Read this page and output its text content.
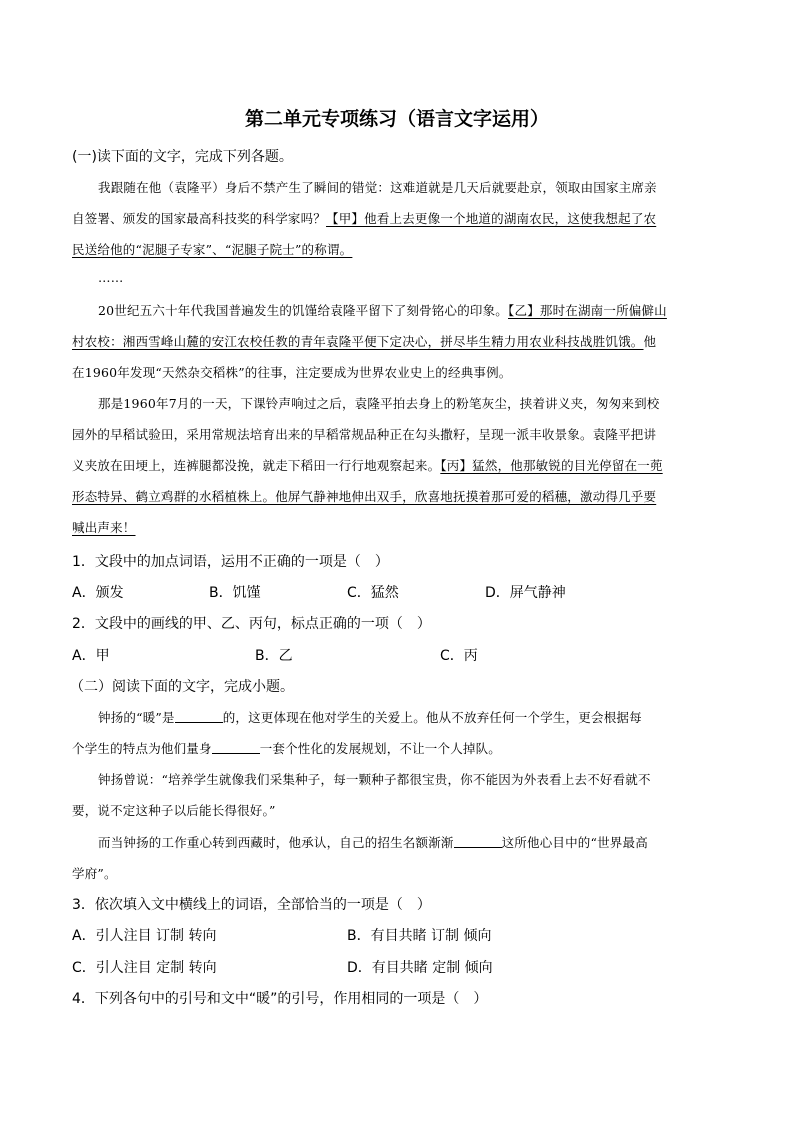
第二单元专项练习（语言文字运用）
(一)读下面的文字，完成下列各题。
我跟随在他（袁隆平）身后不禁产生了瞬间的错觉：这难道就是几天后就要赴京，领取由国家主席亲
自签署、颁发的国家最高科技奖的科学家吗？【甲】他看上去更像一个地道的湖南农民，这使我想起了农
民送给他的“泥腿子专家”、“泥腿子院士”的称谓。
……
20世纪五六十年代我国普遍发生的饥馑给袁隆平留下了刻骨铭心的印象。【乙】那时在湖南一所偏僻山
村农校：湘西雪峰山麓的安江农校任教的青年袁隆平便下定决心，拼尽毕生精力用农业科技战胜饥饿。他
在1960年发现“天然杂交稻株”的往事，注定要成为世界农业史上的经典事例。
那是1960年7月的一天，下课铃声响过之后，袁隆平拍去身上的粉笔灰尘，挟着讲义夹，匆匆来到校
园外的早稻试验田，采用常规法培育出来的早稻常规品种正在勾头撒籽，呈现一派丰收景象。袁隆平把讲
义夹放在田埂上，连裤腿都没挽，就走下稻田一行行地观察起来。【丙】猛然，他那敏锐的目光停留在一蔸
形态特异、鹤立鸡群的水稻植株上。他屏气静神地伸出双手，欣喜地抚摸着那可爱的稻穗，激动得几乎要
喊出声来！
1．文段中的加点词语，运用不正确的一项是（　）
A．颁发	B．饥馑	C．猛然	D．屏气静神
2．文段中的画线的甲、乙、丙句，标点正确的一项（　）
A．甲	B．乙	C．丙
（二）阅读下面的文字，完成小题。
钟扬的“暖”是	的，这更体现在他对学生的关爱上。他从不放弃任何一个学生，更会根据每
个学生的特点为他们量身	一套个性化的发展规划，不让一个人掉队。
钟扬曾说：“培养学生就像我们采集种子，每一颗种子都很宝贵，你不能因为外表看上去不好看就不
要，说不定这种子以后能长得很好。”
而当钟扬的工作重心转到西藏时，他承认，自己的招生名额渐渐	这所他心目中的“世界最高
学府”。
3．依次填入文中横线上的词语，全部恰当的一项是（　）
A．引人注目 订制 转向	B．有目共睹 订制 倾向
C．引人注目 定制 转向	D．有目共睹 定制 倾向
4．下列各句中的引号和文中“暖”的引号，作用相同的一项是（　）
